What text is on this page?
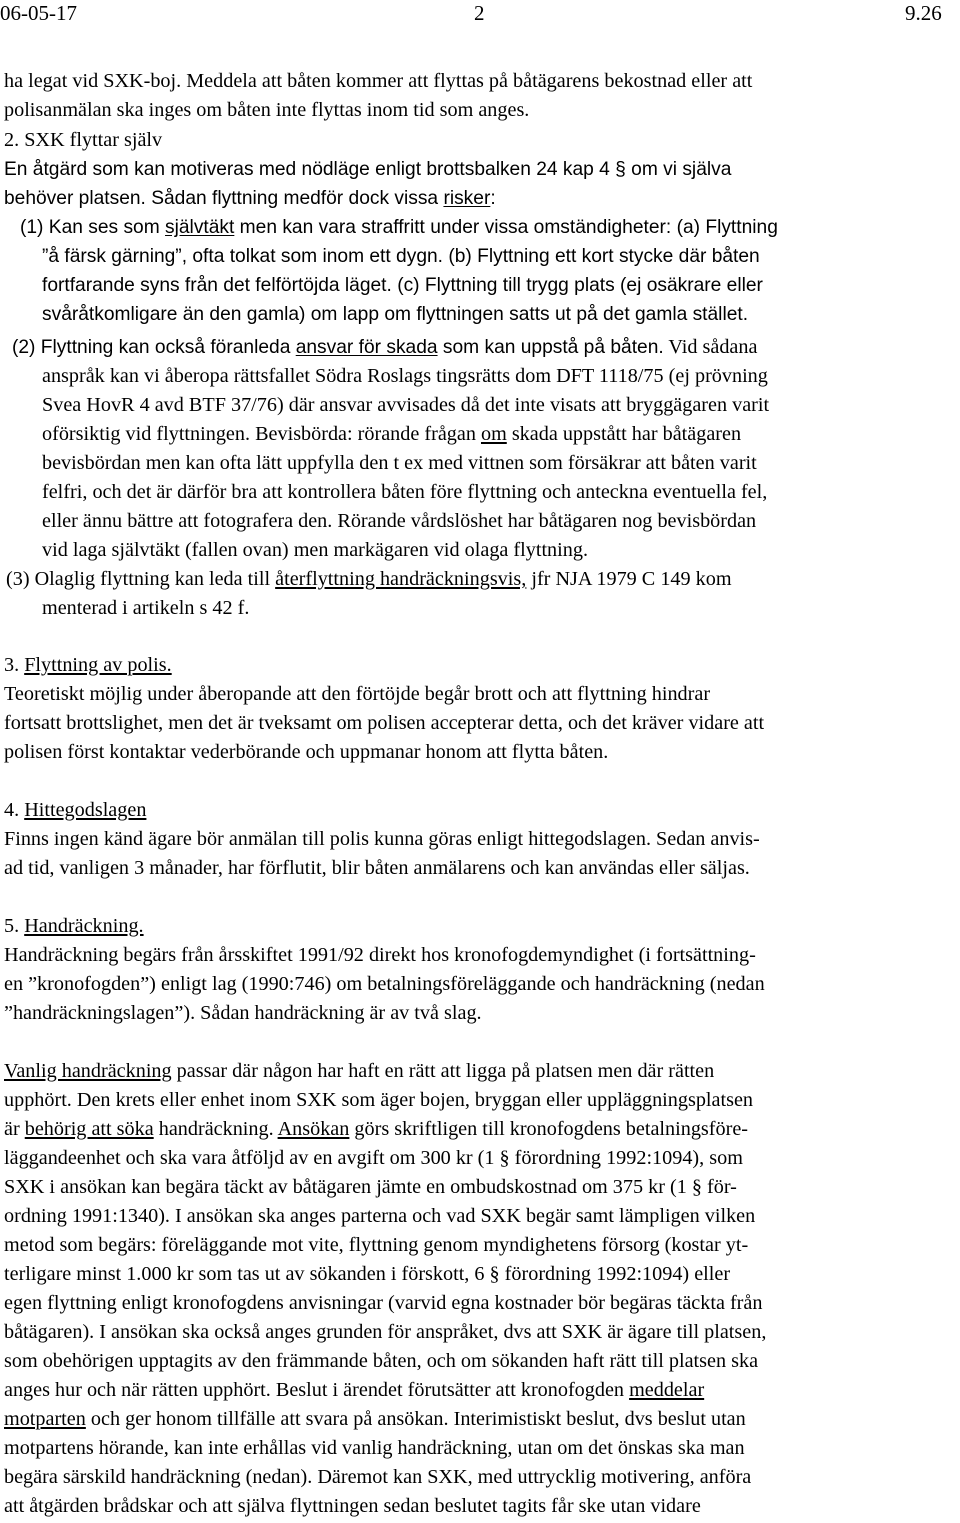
06-05-17	2	9.26
ha legat vid SXK-boj. Meddela att båten kommer att flyttas på båtägarens bekostnad eller att
polisanmälan ska inges om båten inte flyttas inom tid som anges.
2. SXK flyttar själv
En åtgärd som kan motiveras med nödläge enligt brottsbalken 24 kap 4 § om vi själva
behöver platsen. Sådan flyttning medför dock vissa risker:
(1) Kan ses som självtäkt men kan vara straffritt under vissa omständigheter: (a) Flyttning
”å färsk gärning”, ofta tolkat som inom ett dygn. (b) Flyttning ett kort stycke där båten
fortfarande syns från det felförtöjda läget. (c) Flyttning till trygg plats (ej osäkrare eller
svåråtkomligare än den gamla) om lapp om flyttningen satts ut på det gamla stället.
(2) Flyttning kan också föranleda ansvar för skada som kan uppstå på båten. Vid sådana
anspråk kan vi åberopa rättsfallet Södra Roslags tingsrätts dom DFT 1118/75 (ej prövning
Svea HovR 4 avd BTF 37/76) där ansvar avvisades då det inte visats att bryggägaren varit
oförsiktig vid flyttningen. Bevisbörda: rörande frågan om skada uppstått har båtägaren
bevisbördan men kan ofta lätt uppfylla den t ex med vittnen som försäkrar att båten varit
felfri, och det är därför bra att kontrollera båten före flyttning och anteckna eventuella fel,
eller ännu bättre att fotografera den. Rörande vårdslöshet har båtägaren nog bevisbördan
vid laga självtäkt (fallen ovan) men markägaren vid olaga flyttning.
(3) Olaglig flyttning kan leda till återflyttning handräckningsvis, jfr NJA 1979 C 149 kom
menterad i artikeln s 42 f.
3. Flyttning av polis.
Teoretiskt möjlig under åberopande att den förtöjde begår brott och att flyttning hindrar
fortsatt brottslighet, men det är tveksamt om polisen accepterar detta, och det kräver vidare att
polisen först kontaktar vederbörande och uppmanar honom att flytta båten.
4. Hittegodslagen
Finns ingen känd ägare bör anmälan till polis kunna göras enligt hittegodslagen. Sedan anvis-
ad tid, vanligen 3 månader, har förflutit, blir båten anmälarens och kan användas eller säljas.
5. Handräckning.
Handräckning begärs från årsskiftet 1991/92 direkt hos kronofogdemyndighet (i fortsättning-
en ”kronofogden”) enligt lag (1990:746) om betalningsföreläggande och handräckning (nedan
”handräckningslagen”). Sådan handräckning är av två slag.
Vanlig handräckning passar där någon har haft en rätt att ligga på platsen men där rätten
upphört. Den krets eller enhet inom SXK som äger bojen, bryggan eller uppläggningsplatsen
är behörig att söka handräckning. Ansökan görs skriftligen till kronofogdens betalningsföre-
läggandeenhet och ska vara åtföljd av en avgift om 300 kr (1 § förordning 1992:1094), som
SXK i ansökan kan begära täckt av båtägaren jämte en ombudskostnad om 375 kr (1 § för-
ordning 1991:1340). I ansökan ska anges parterna och vad SXK begär samt lämpligen vilken
metod som begärs: föreläggande mot vite, flyttning genom myndighetens försorg (kostar yt-
terligare minst 1.000 kr som tas ut av sökanden i förskott, 6 § förordning 1992:1094) eller
egen flyttning enligt kronofogdens anvisningar (varvid egna kostnader bör begäras täckta från
båtägaren). I ansökan ska också anges grunden för anspråket, dvs att SXK är ägare till platsen,
som obehörigen upptagits av den främmande båten, och om sökanden haft rätt till platsen ska
anges hur och när rätten upphört. Beslut i ärendet förutsätter att kronofogden meddelar
motparten och ger honom tillfälle att svara på ansökan. Interimistiskt beslut, dvs beslut utan
motpartens hörande, kan inte erhållas vid vanlig handräckning, utan om det önskas ska man
begära särskild handräckning (nedan). Däremot kan SXK, med uttrycklig motivering, anföra
att åtgärden brådskar och att själva flyttningen sedan beslutet tagits får ske utan vidare
